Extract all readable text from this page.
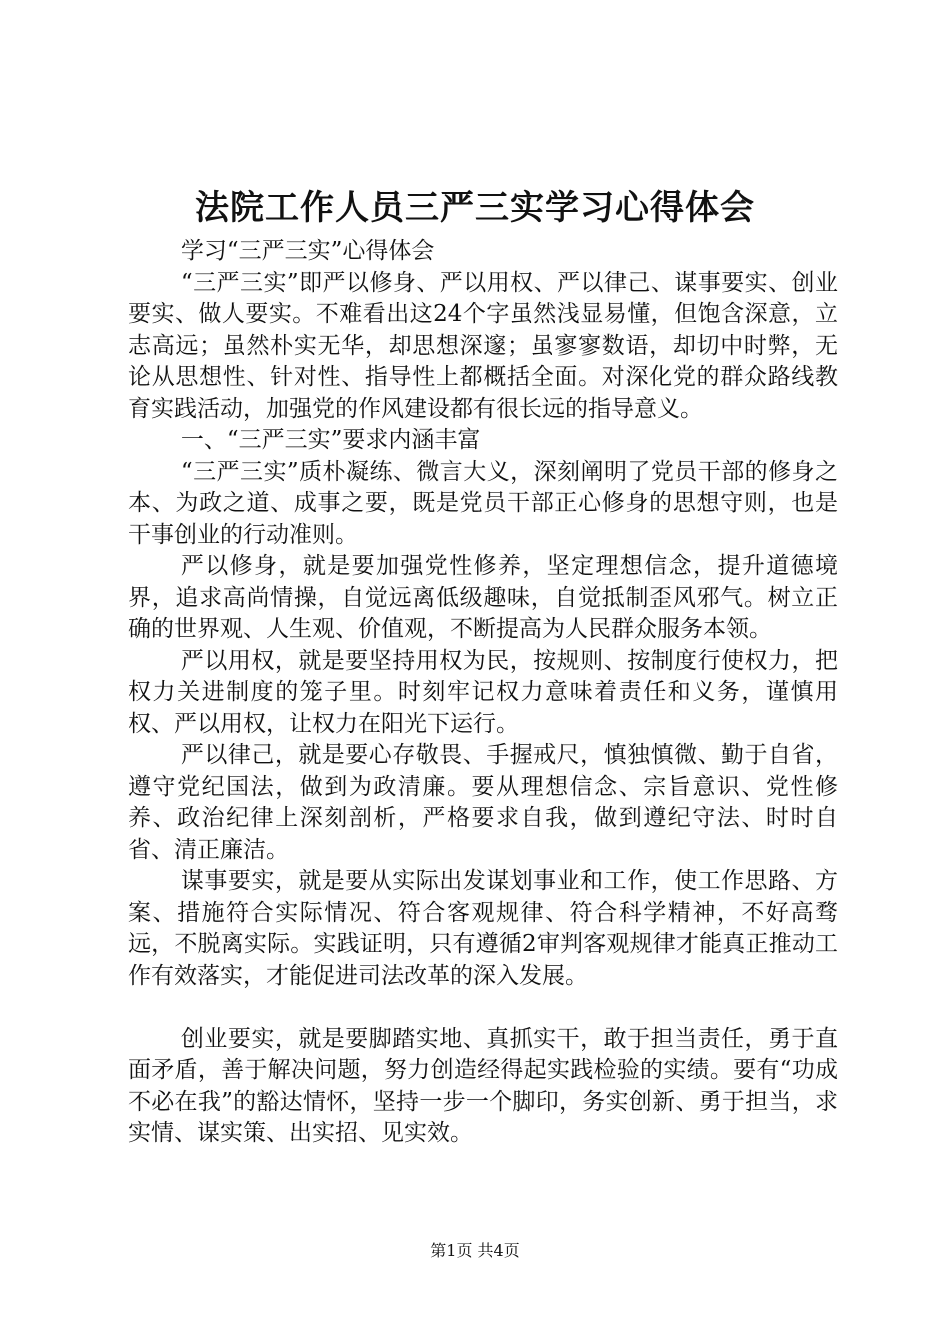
法院工作人员三严三实学习心得体会

学习“三严三实”心得体会

“三严三实”即严以修身、严以用权、严以律己、谋事要实、创业要实、做人要实。不难看出这24个字虽然浅显易懂，但饱含深意，立志高远；虽然朴实无华，却思想深邃；虽寥寥数语，却切中时弊，无论从思想性、针对性、指导性上都概括全面。对深化党的群众路线教育实践活动，加强党的作风建设都有很长远的指导意义。

一、“三严三实”要求内涵丰富

“三严三实”质朴凝练、微言大义，深刻阐明了党员干部的修身之本、为政之道、成事之要，既是党员干部正心修身的思想守则，也是干事创业的行动准则。

严以修身，就是要加强党性修养，坚定理想信念，提升道德境界，追求高尚情操，自觉远离低级趣味，自觉抵制歪风邪气。树立正确的世界观、人生观、价值观，不断提高为人民群众服务本领。

严以用权，就是要坚持用权为民，按规则、按制度行使权力，把权力关进制度的笼子里。时刻牢记权力意味着责任和义务，谨慎用权、严以用权，让权力在阳光下运行。

严以律己，就是要心存敬畏、手握戒尺，慎独慎微、勤于自省，遵守党纪国法，做到为政清廉。要从理想信念、宗旨意识、党性修养、政治纪律上深刻剖析，严格要求自我，做到遵纪守法、时时自省、清正廉洁。

谋事要实，就是要从实际出发谋划事业和工作，使工作思路、方案、措施符合实际情况、符合客观规律、符合科学精神，不好高骛远，不脱离实际。实践证明，只有遵循2审判客观规律才能真正推动工作有效落实，才能促进司法改革的深入发展。

创业要实，就是要脚踏实地、真抓实干，敢于担当责任，勇于直面矛盾，善于解决问题，努力创造经得起实践检验的实绩。要有“功成不必在我”的豁达情怀，坚持一步一个脚印，务实创新、勇于担当，求实情、谋实策、出实招、见实效。

第1页 共4页
